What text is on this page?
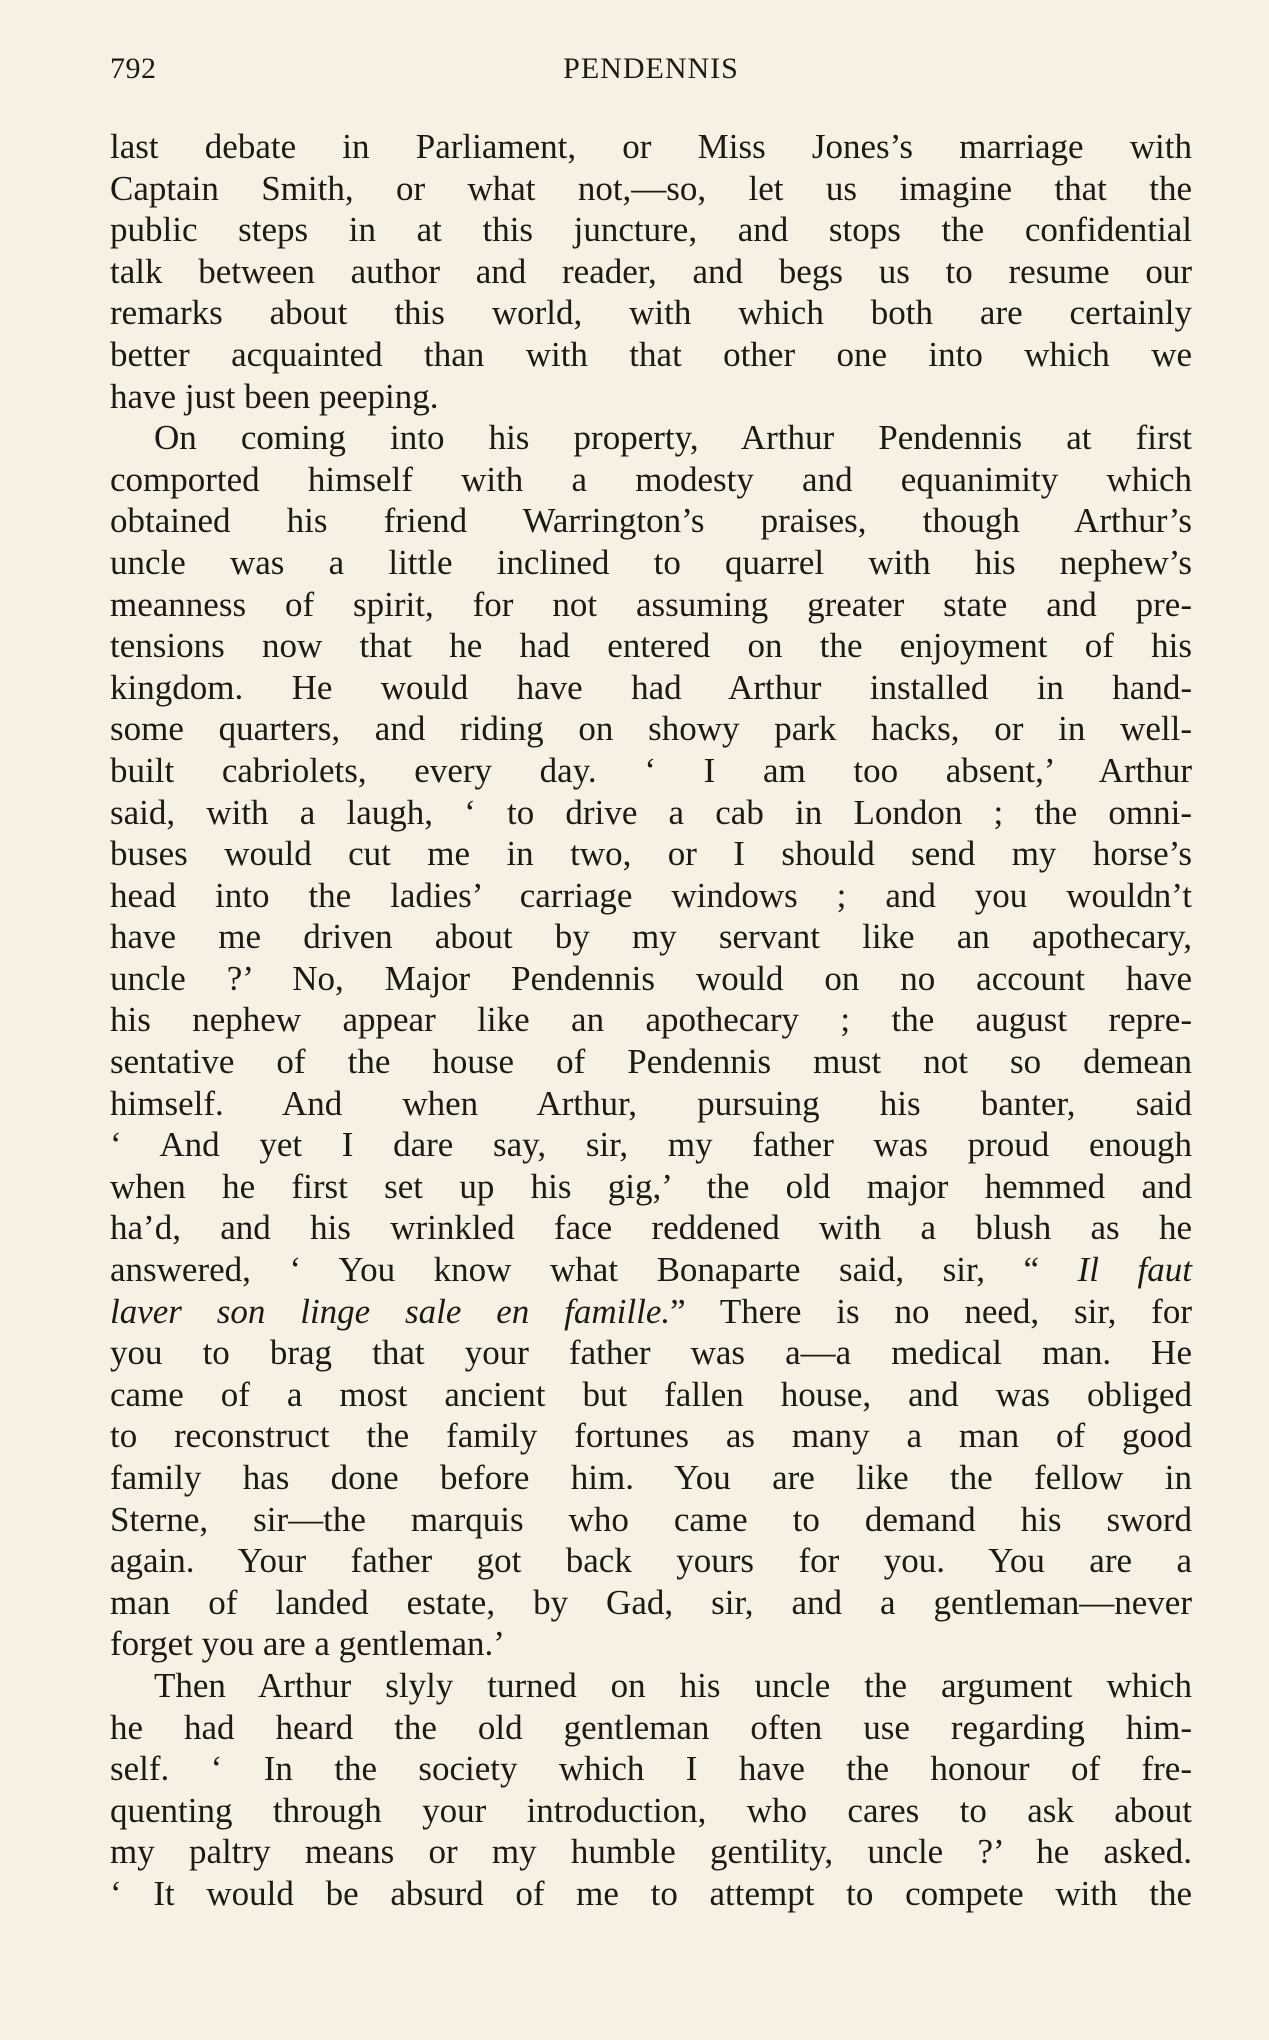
792	PENDENNIS
last debate in Parliament, or Miss Jones’s marriage with
Captain Smith, or what not,—so, let us imagine that the
public steps in at this juncture, and stops the confidential
talk between author and reader, and begs us to resume our
remarks about this world, with which both are certainly
better acquainted than with that other one into which we
have just been peeping.
On coming into his property, Arthur Pendennis at first
comported himself with a modesty and equanimity which
obtained his friend Warrington’s praises, though Arthur’s
uncle was a little inclined to quarrel with his nephew’s
meanness of spirit, for not assuming greater state and pre-
tensions now that he had entered on the enjoyment of his
kingdom. He would have had Arthur installed in hand-
some quarters, and riding on showy park hacks, or in well-
built cabriolets, every day. ‘ I am too absent,’ Arthur
said, with a laugh, ‘ to drive a cab in London ; the omni-
buses would cut me in two, or I should send my horse’s
head into the ladies’ carriage windows ; and you wouldn’t
have me driven about by my servant like an apothecary,
uncle ?’ No, Major Pendennis would on no account have
his nephew appear like an apothecary ; the august repre-
sentative of the house of Pendennis must not so demean
himself. And when Arthur, pursuing his banter, said
‘ And yet I dare say, sir, my father was proud enough
when he first set up his gig,’ the old major hemmed and
ha’d, and his wrinkled face reddened with a blush as he
answered, ‘ You know what Bonaparte said, sir, “ Il faut
laver son linge sale en famille.” There is no need, sir, for
you to brag that your father was a—a medical man. He
came of a most ancient but fallen house, and was obliged
to reconstruct the family fortunes as many a man of good
family has done before him. You are like the fellow in
Sterne, sir—the marquis who came to demand his sword
again. Your father got back yours for you. You are a
man of landed estate, by Gad, sir, and a gentleman—never
forget you are a gentleman.’
Then Arthur slyly turned on his uncle the argument which
he had heard the old gentleman often use regarding him-
self. ‘ In the society which I have the honour of fre-
quenting through your introduction, who cares to ask about
my paltry means or my humble gentility, uncle ?’ he asked.
‘ It would be absurd of me to attempt to compete with the
